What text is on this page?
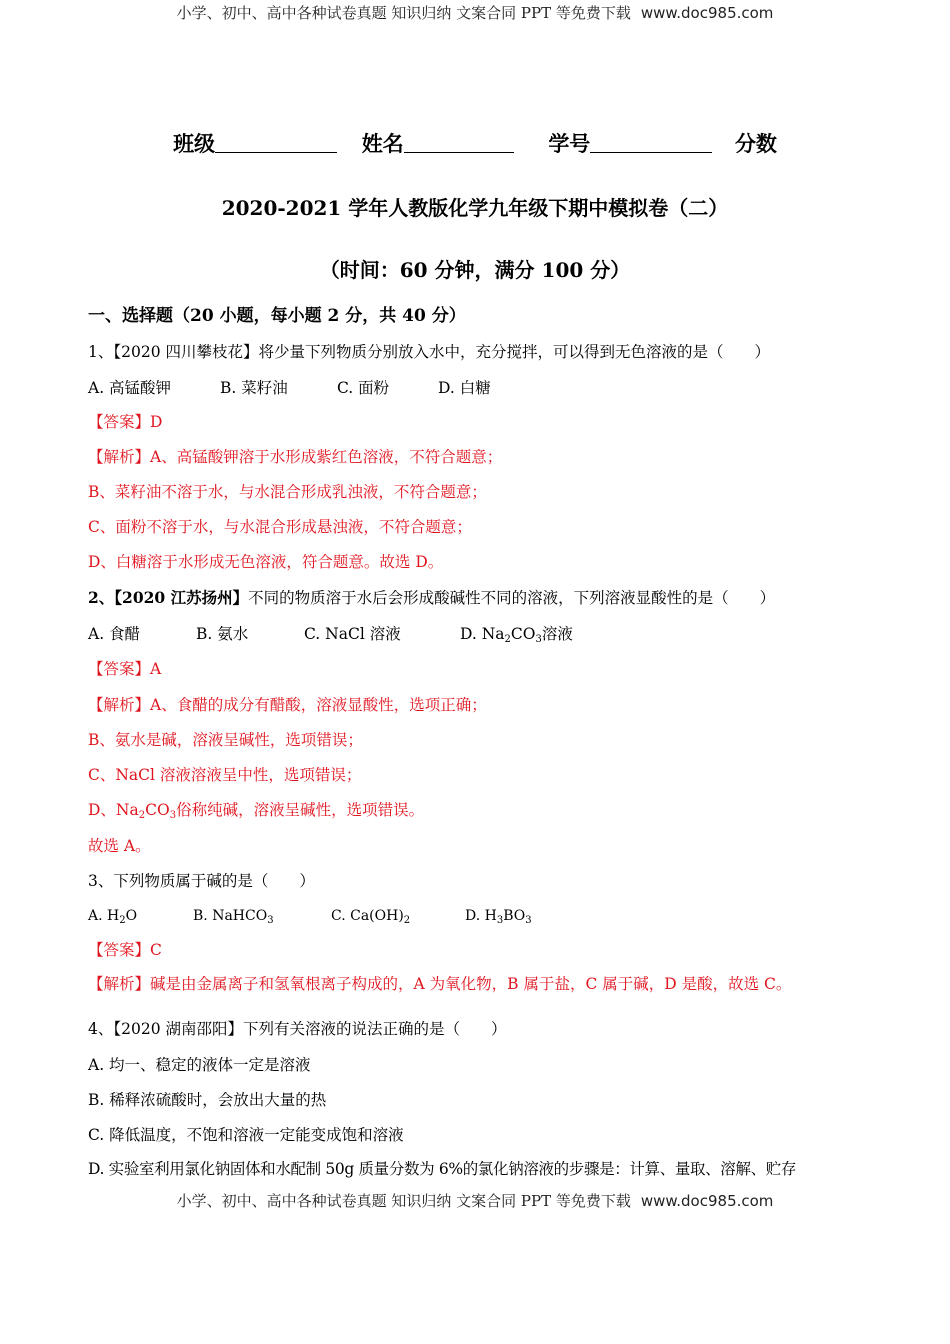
小学、初中、高中各种试卷真题 知识归纳 文案合同 PPT 等免费下载 www.doc985.com
班级	姓名	学号	分数
2020-2021 学年人教版化学九年级下期中模拟卷（二）
（时间：60 分钟，满分 100 分）
一、选择题（20 小题，每小题 2 分，共 40 分）
1、【2020 四川攀枝花】将少量下列物质分别放入水中，充分搅拌，可以得到无色溶液的是（　　）
A. 高锰酸钾	B. 菜籽油	C. 面粉	D. 白糖
【答案】D
【解析】A、高锰酸钾溶于水形成紫红色溶液，不符合题意；
B、菜籽油不溶于水，与水混合形成乳浊液，不符合题意；
C、面粉不溶于水，与水混合形成悬浊液，不符合题意；
D、白糖溶于水形成无色溶液，符合题意。故选 D。
2、【2020 江苏扬州】不同的物质溶于水后会形成酸碱性不同的溶液，下列溶液显酸性的是（　　）
A. 食醋	B. 氨水	C. NaCl 溶液	D. $Na_2CO_3$溶液
【答案】A
【解析】A、食醋的成分有醋酸，溶液显酸性，选项正确；
B、氨水是碱，溶液呈碱性，选项错误；
C、NaCl 溶液溶液呈中性，选项错误；
D、$Na_2CO_3$俗称纯碱，溶液呈碱性，选项错误。
故选 A。
3、下列物质属于碱的是（　　）
A. $H_2O$	B. NaHCO$_3$	C. $Ca(OH)_2$	D. $H_3BO_3$
【答案】C
【解析】碱是由金属离子和氢氧根离子构成的，A 为氧化物，B 属于盐，C 属于碱，D 是酸，故选 C。
4、【2020 湖南邵阳】下列有关溶液的说法正确的是（　　）
A. 均一、稳定的液体一定是溶液
B. 稀释浓硫酸时，会放出大量的热
C. 降低温度，不饱和溶液一定能变成饱和溶液
D. 实验室利用氯化钠固体和水配制 50g 质量分数为 6%的氯化钠溶液的步骤是：计算、量取、溶解、贮存
小学、初中、高中各种试卷真题 知识归纳 文案合同 PPT 等免费下载 www.doc985.com
